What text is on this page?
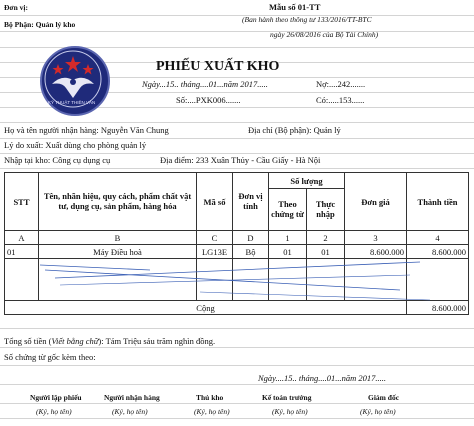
Đơn vị:
Bộ Phận: Quản lý kho
Mẫu số 01-TT
(Ban hành theo thông tư 133/2016/TT-BTC
ngày 26/08/2016 của Bộ Tài Chính)
KỸ THUẬT THIÊN VĂN
PHIẾU XUẤT KHO
Ngày...15.. tháng....01...năm 2017.....	Nợ:....242.......
Số:....PXK006.......	Có:.....153......
Họ và tên người nhận hàng: Nguyễn Văn Chung	Địa chỉ (Bộ phận): Quản lý
Lý do xuất: Xuất dùng cho phòng quản lý
Nhập tại kho: Công cụ dụng cụ	Địa điểm: 233 Xuân Thủy - Cầu Giấy - Hà Nội
STT	Tên, nhãn hiệu, quy cách, phẩm chất vật tư, dụng cụ, sản phẩm, hàng hóa	Mã số	Đơn vị tính	Số lượng		Đơn giá	Thành tiền
				Theo chứng từ	Thực nhập		
A	B	C	D	1	2	3	4
01	Máy Điều hoà	LG13E	Bộ	01	01	8.600.000	8.600.000

Cộng							8.600.000
Tổng số tiền (Viết bằng chữ): Tám Triệu sáu trăm nghìn đồng.
Số chứng từ gốc kèm theo:
Ngày....15.. tháng....01...năm 2017.....
Người lập phiếu	Người nhận hàng	Thủ kho	Kế toán trưởng	Giám đốc
(Ký, họ tên)	(Ký, họ tên)	(Ký, họ tên)	(Ký, họ tên)	(Ký, họ tên)
